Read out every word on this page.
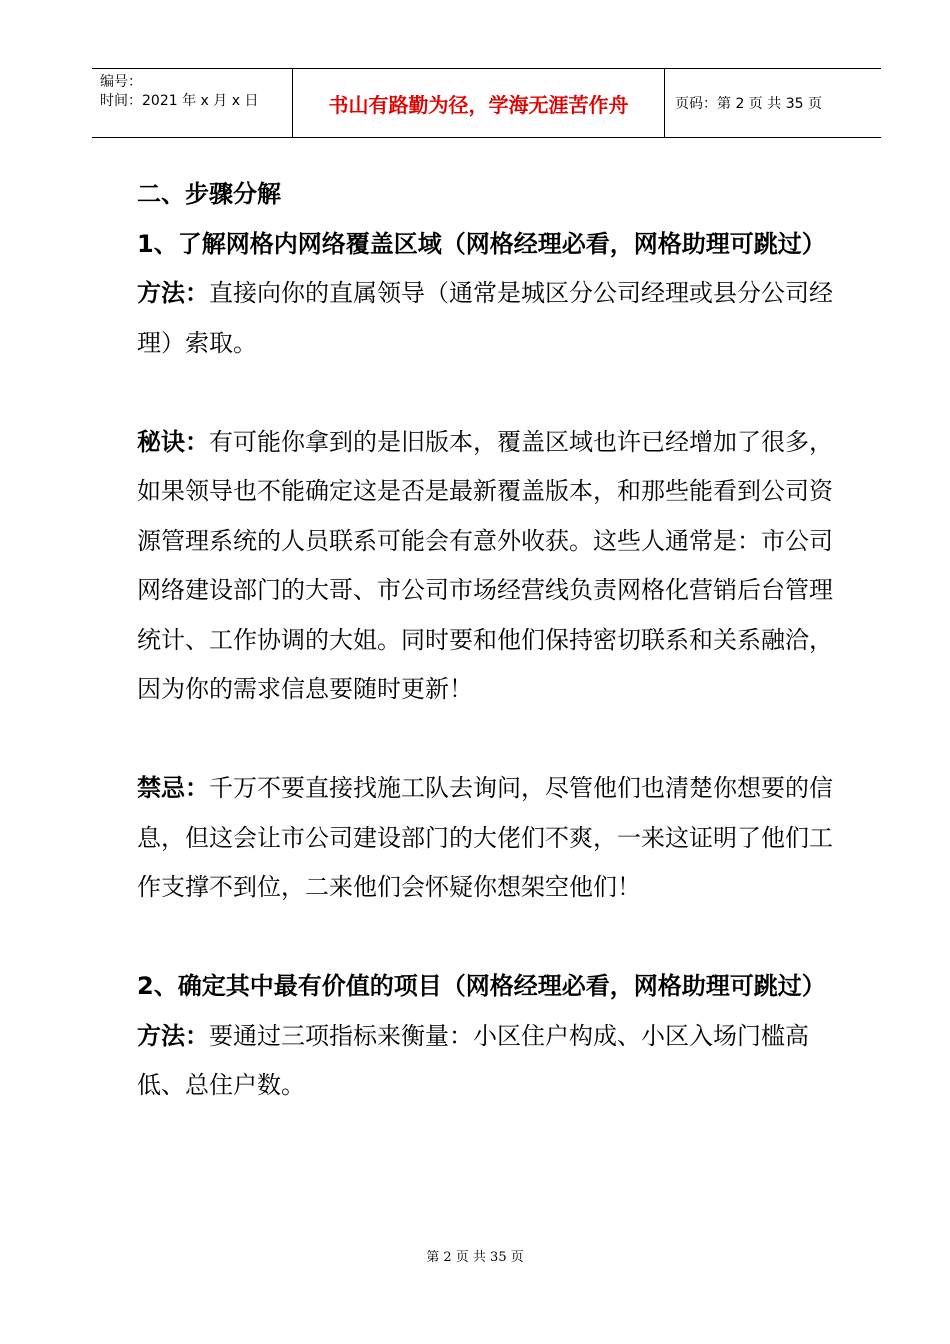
编号：
时间：2021 年 x 月 x 日	书山有路勤为径，学海无涯苦作舟	页码：第 2 页 共 35 页

二、步骤分解

1、了解网格内网络覆盖区域（网格经理必看，网格助理可跳过）

方法：直接向你的直属领导（通常是城区分公司经理或县分公司经理）索取。

秘诀：有可能你拿到的是旧版本，覆盖区域也许已经增加了很多，如果领导也不能确定这是否是最新覆盖版本，和那些能看到公司资源管理系统的人员联系可能会有意外收获。这些人通常是：市公司网络建设部门的大哥、市公司市场经营线负责网格化营销后台管理统计、工作协调的大姐。同时要和他们保持密切联系和关系融洽，因为你的需求信息要随时更新！

禁忌：千万不要直接找施工队去询问，尽管他们也清楚你想要的信息，但这会让市公司建设部门的大佬们不爽，一来这证明了他们工作支撑不到位，二来他们会怀疑你想架空他们！

2、确定其中最有价值的项目（网格经理必看，网格助理可跳过）

方法：要通过三项指标来衡量：小区住户构成、小区入场门槛高低、总住户数。

第 2 页 共 35 页
